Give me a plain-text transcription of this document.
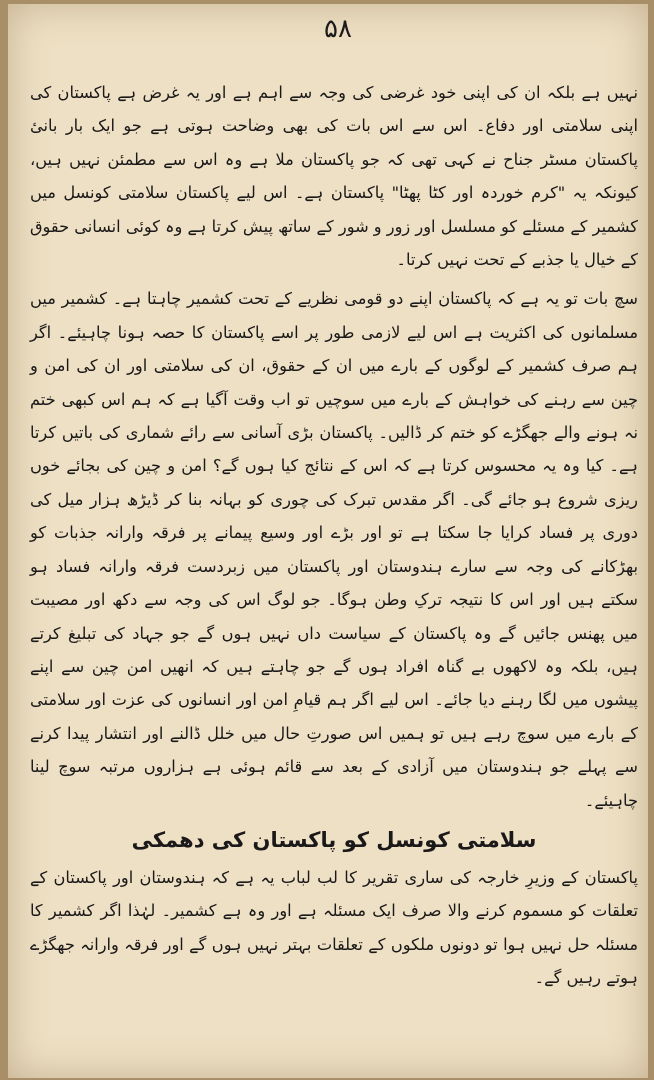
۵۸

نہیں ہے بلکہ ان کی اپنی خود غرضی کی وجہ سے اہم ہے اور یہ غرض ہے پاکستان کی اپنی سلامتی اور دفاع۔ اس سے اس بات کی بھی وضاحت ہوتی ہے جو ایک بار بانیٔ پاکستان مسٹر جناح نے کہی تھی کہ جو پاکستان ملا ہے وہ اس سے مطمئن نہیں ہیں، کیونکہ یہ "کرم خوردہ اور کٹا پھٹا" پاکستان ہے۔ اس لیے پاکستان سلامتی کونسل میں کشمیر کے مسئلے کو مسلسل اور زور و شور کے ساتھ پیش کرتا ہے وہ کوئی انسانی حقوق کے خیال یا جذبے کے تحت نہیں کرتا۔

سچ بات تو یہ ہے کہ پاکستان اپنے دو قومی نظریے کے تحت کشمیر چاہتا ہے۔ کشمیر میں مسلمانوں کی اکثریت ہے اس لیے لازمی طور پر اسے پاکستان کا حصہ ہونا چاہیئے۔ اگر ہم صرف کشمیر کے لوگوں کے بارے میں ان کے حقوق، ان کی سلامتی اور ان کی امن و چین سے رہنے کی خواہش کے بارے میں سوچیں تو اب وقت آگیا ہے کہ ہم اس کبھی ختم نہ ہونے والے جھگڑے کو ختم کر ڈالیں۔ پاکستان بڑی آسانی سے رائے شماری کی باتیں کرتا ہے۔ کیا وہ یہ محسوس کرتا ہے کہ اس کے نتائج کیا ہوں گے؟ امن و چین کی بجائے خوں ریزی شروع ہو جائے گی۔ اگر مقدس تبرک کی چوری کو بہانہ بنا کر ڈیڑھ ہزار میل کی دوری پر فساد کرایا جا سکتا ہے تو اور بڑے اور وسیع پیمانے پر فرقہ وارانہ جذبات کو بھڑکانے کی وجہ سے سارے ہندوستان اور پاکستان میں زبردست فرقہ وارانہ فساد ہو سکتے ہیں اور اس کا نتیجہ ترکِ وطن ہوگا۔ جو لوگ اس کی وجہ سے دکھ اور مصیبت میں پھنس جائیں گے وہ پاکستان کے سیاست داں نہیں ہوں گے جو جہاد کی تبلیغ کرتے ہیں، بلکہ وہ لاکھوں بے گناہ افراد ہوں گے جو چاہتے ہیں کہ انھیں امن چین سے اپنے پیشوں میں لگا رہنے دیا جائے۔ اس لیے اگر ہم قیامِ امن اور انسانوں کی عزت اور سلامتی کے بارے میں سوچ رہے ہیں تو ہمیں اس صورتِ حال میں خلل ڈالنے اور انتشار پیدا کرنے سے پہلے جو ہندوستان میں آزادی کے بعد سے قائم ہوئی ہے ہزاروں مرتبہ سوچ لینا چاہیئے۔

سلامتی کونسل کو پاکستان کی دھمکی

پاکستان کے وزیرِ خارجہ کی ساری تقریر کا لب لباب یہ ہے کہ ہندوستان اور پاکستان کے تعلقات کو مسموم کرنے والا صرف ایک مسئلہ ہے اور وہ ہے کشمیر۔ لہٰذا اگر کشمیر کا مسئلہ حل نہیں ہوا تو دونوں ملکوں کے تعلقات بہتر نہیں ہوں گے اور فرقہ وارانہ جھگڑے ہوتے رہیں گے۔
